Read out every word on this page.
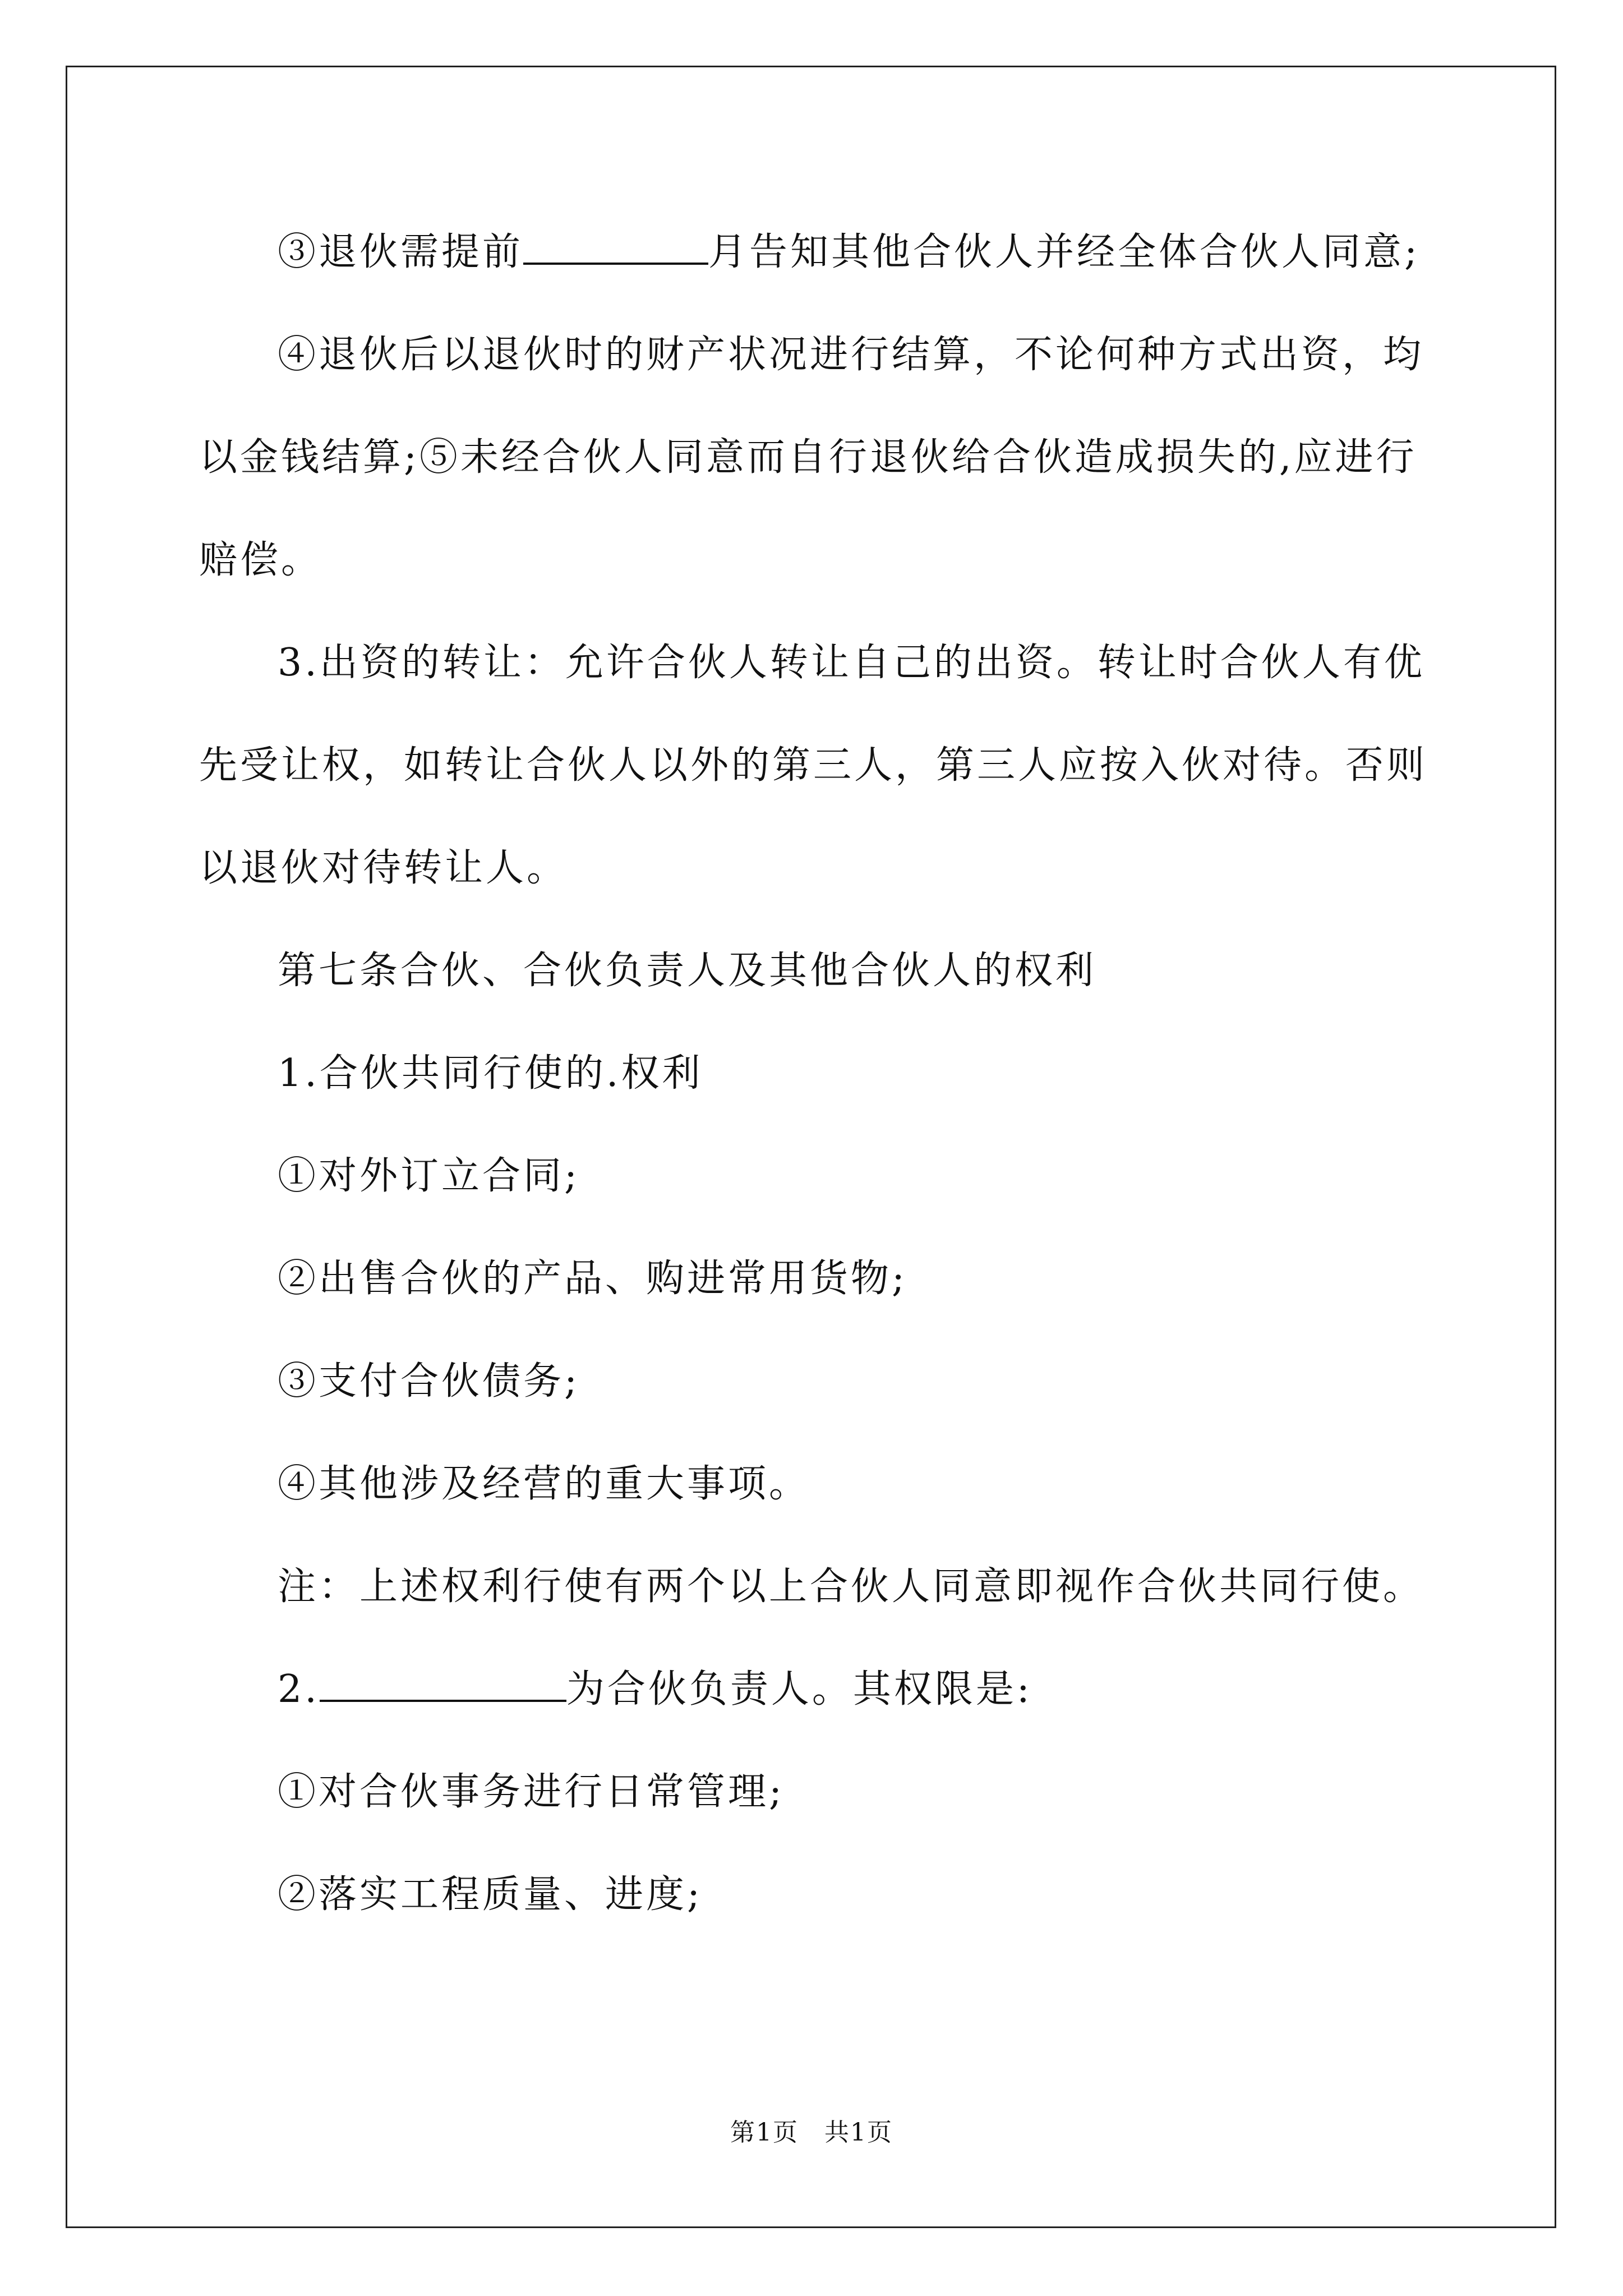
③退伙需提前	月告知其他合伙人并经全体合伙人同意;
④退伙后以退伙时的财产状况进行结算，不论何种方式出资，均
以金钱结算;⑤未经合伙人同意而自行退伙给合伙造成损失的,应进行
赔偿。
3.出资的转让：允许合伙人转让自己的出资。转让时合伙人有优
先受让权，如转让合伙人以外的第三人，第三人应按入伙对待。否则
以退伙对待转让人。
第七条合伙、合伙负责人及其他合伙人的权利
1.合伙共同行使的.权利
①对外订立合同;
②出售合伙的产品、购进常用货物;
③支付合伙债务;
④其他涉及经营的重大事项。
注：上述权利行使有两个以上合伙人同意即视作合伙共同行使。
2.	为合伙负责人。其权限是:
①对合伙事务进行日常管理;
②落实工程质量、进度;
第1页　共1页
